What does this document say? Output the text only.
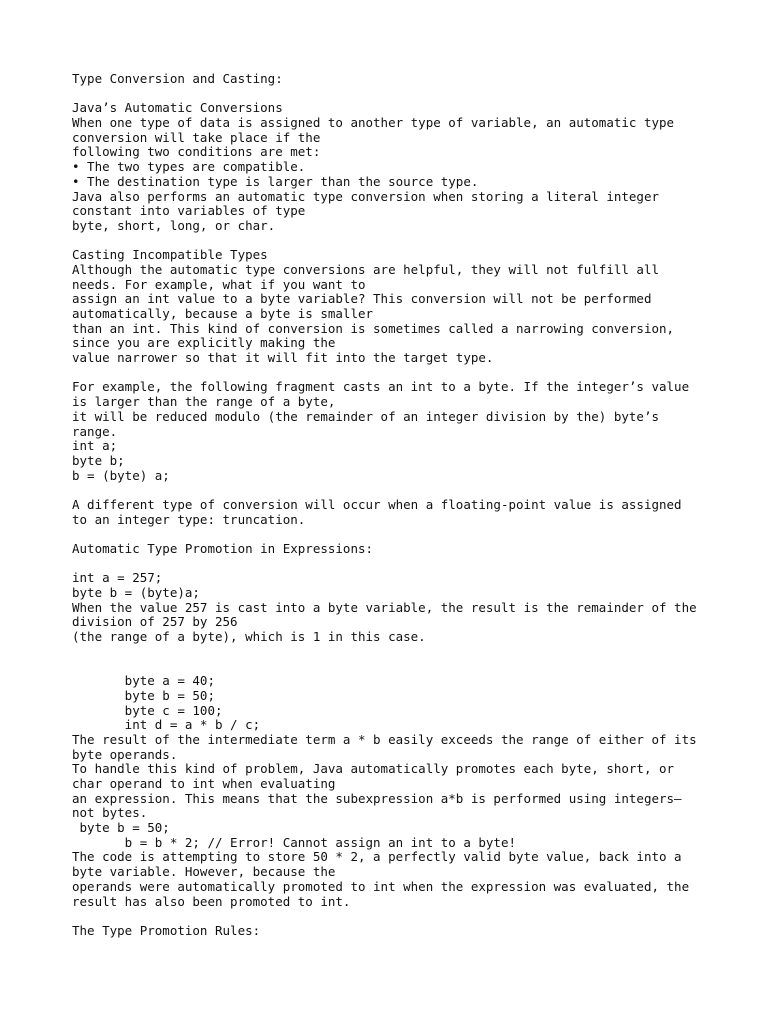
Type Conversion and Casting:
Java’s Automatic Conversions
When one type of data is assigned to another type of variable, an automatic type
conversion will take place if the
following two conditions are met:
• The two types are compatible.
• The destination type is larger than the source type.
Java also performs an automatic type conversion when storing a literal integer
constant into variables of type
byte, short, long, or char.
Casting Incompatible Types
Although the automatic type conversions are helpful, they will not fulfill all
needs. For example, what if you want to
assign an int value to a byte variable? This conversion will not be performed
automatically, because a byte is smaller
than an int. This kind of conversion is sometimes called a narrowing conversion,
since you are explicitly making the
value narrower so that it will fit into the target type.
For example, the following fragment casts an int to a byte. If the integer’s value
is larger than the range of a byte,
it will be reduced modulo (the remainder of an integer division by the) byte’s
range.
int a;
byte b;
b = (byte) a;
A different type of conversion will occur when a floating-point value is assigned
to an integer type: truncation.
Automatic Type Promotion in Expressions:
int a = 257;
byte b = (byte)a;
When the value 257 is cast into a byte variable, the result is the remainder of the
division of 257 by 256
(the range of a byte), which is 1 in this case.
byte a = 40;
byte b = 50;
byte c = 100;
int d = a * b / c;
The result of the intermediate term a * b easily exceeds the range of either of its
byte operands.
To handle this kind of problem, Java automatically promotes each byte, short, or
char operand to int when evaluating
an expression. This means that the subexpression a*b is performed using integers—
not bytes.
byte b = 50;
b = b * 2; // Error! Cannot assign an int to a byte!
The code is attempting to store 50 * 2, a perfectly valid byte value, back into a
byte variable. However, because the
operands were automatically promoted to int when the expression was evaluated, the
result has also been promoted to int.
The Type Promotion Rules:
